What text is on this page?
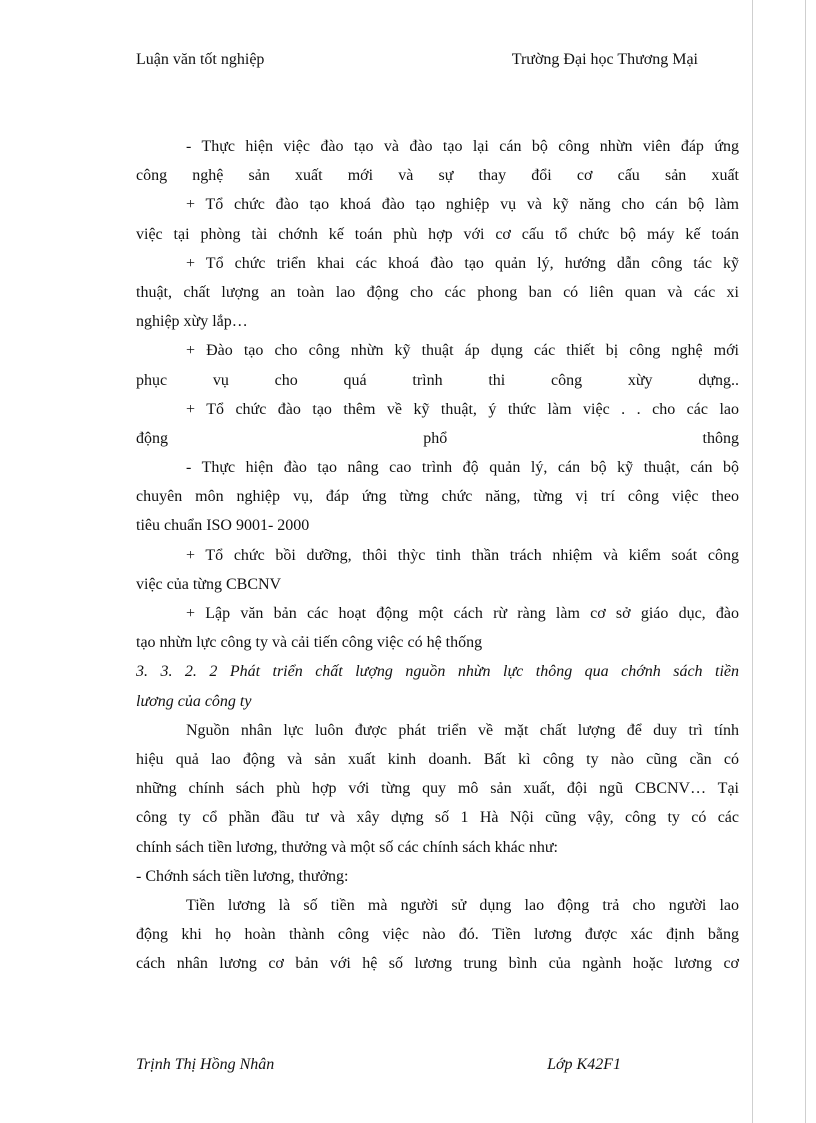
Luận văn tốt nghiệp	Trường Đại học Thương Mại
- Thực hiện việc đào tạo và đào tạo lại cán bộ công nhừn viên đáp ứng
công nghệ sản xuất mới và sự thay đổi cơ cấu sản xuất
+ Tổ chức đào tạo khoá đào tạo nghiệp vụ và kỹ năng cho cán bộ làm
việc tại phòng tài chớnh kế toán phù hợp với cơ cấu tổ chức bộ máy kế toán
+ Tổ chức triển khai các khoá đào tạo quản lý, hướng dẫn công tác kỹ
thuật, chất lượng an toàn lao động cho các phong ban có liên quan và các xi
nghiệp xừy lắp…
+ Đào tạo cho công nhừn kỹ thuật áp dụng các thiết bị công nghệ mới
phục vụ cho quá trình thi công xừy dựng..
+ Tổ chức đào tạo thêm về kỹ thuật, ý thức làm việc . . cho các lao
động phổ thông
- Thực hiện đào tạo nâng cao trình độ quản lý, cán bộ kỹ thuật, cán bộ
chuyên môn nghiệp vụ, đáp ứng từng chức năng, từng vị trí công việc theo
tiêu chuẩn ISO 9001- 2000
+ Tổ chức bồi dưỡng, thôi thỳc tinh thần trách nhiệm và kiểm soát công
việc của từng CBCNV
+ Lập văn bản các hoạt động một cách rừ ràng làm cơ sở giáo dục, đào
tạo nhừn lực công ty và cải tiến công việc có hệ thống
3. 3. 2. 2 Phát triển chất lượng nguồn nhừn lực thông qua chớnh sách tiền
lương của công ty
Nguồn nhân lực luôn được phát triển về mặt chất lượng để duy trì tính
hiệu quả lao động và sản xuất kinh doanh. Bất kì công ty nào cũng cần có
những chính sách phù hợp với từng quy mô sản xuất, đội ngũ CBCNV… Tại
công ty cổ phần đầu tư và xây dựng số 1 Hà Nội cũng vậy, công ty có các
chính sách tiền lương, thưởng và một số các chính sách khác như:
- Chớnh sách tiền lương, thưởng:
Tiền lương là số tiền mà người sử dụng lao động trả cho người lao
động khi họ hoàn thành công việc nào đó. Tiền lương được xác định bằng
cách nhân lương cơ bản với hệ số lương trung bình của ngành hoặc lương cơ
Trịnh Thị Hồng Nhân	Lớp K42F1
